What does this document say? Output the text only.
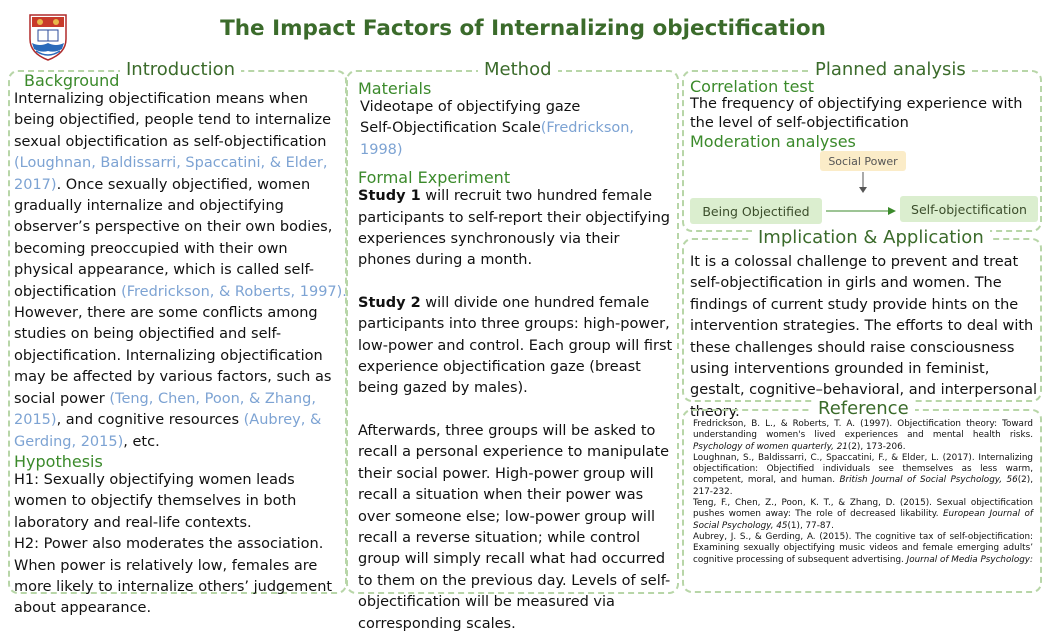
The Impact Factors of Internalizing objectification
Introduction
Background
Internalizing objectification means when being objectified, people tend to internalize sexual objectification as self-objectification (Loughnan, Baldissarri, Spaccatini, & Elder, 2017). Once sexually objectified, women gradually internalize and objectifying observer’s perspective on their own bodies, becoming preoccupied with their own physical appearance, which is called self-objectification (Fredrickson, & Roberts, 1997). However, there are some conflicts among studies on being objectified and self-objectification. Internalizing objectification may be affected by various factors, such as social power (Teng, Chen, Poon, & Zhang, 2015), and cognitive resources (Aubrey, & Gerding, 2015), etc.
Hypothesis
H1: Sexually objectifying women leads women to objectify themselves in both laboratory and real-life contexts.
H2: Power also moderates the association. When power is relatively low, females are more likely to internalize others’ judgement about appearance.
Method
Materials
Videotape of objectifying gaze
Self-Objectification Scale(Fredrickson, 1998)
Formal Experiment
Study 1 will recruit two hundred female participants to self-report their objectifying experiences synchronously via their phones during a month.
Study 2 will divide one hundred female participants into three groups: high-power, low-power and control. Each group will first experience objectification gaze (breast being gazed by males).
Afterwards, three groups will be asked to recall a personal experience to manipulate their social power. High-power group will recall a situation when their power was over someone else; low-power group will recall a reverse situation; while control group will simply recall what had occurred to them on the previous day. Levels of self-objectification will be measured via corresponding scales.
Planned analysis
Correlation test
The frequency of objectifying experience with the level of self-objectification
Moderation analyses
Social Power
Being Objectified	Self-objectification
Implication & Application
It is a colossal challenge to prevent and treat self-objectification in girls and women. The findings of current study provide hints on the intervention strategies. The efforts to deal with these challenges should raise consciousness using interventions grounded in feminist, gestalt, cognitive–behavioral, and interpersonal theory.	Reference

Fredrickson, B. L., & Roberts, T. A. (1997). Objectification theory: Toward understanding women's lived experiences and mental health risks. Psychology of women quarterly, 21(2), 173-206.

Loughnan, S., Baldissarri, C., Spaccatini, F., & Elder, L. (2017). Internalizing objectification: Objectified individuals see themselves as less warm, competent, moral, and human. British Journal of Social Psychology, 56(2), 217-232.

Teng, F., Chen, Z., Poon, K. T., & Zhang, D. (2015). Sexual objectification pushes women away: The role of decreased likability. European Journal of Social Psychology, 45(1), 77-87.

Aubrey, J. S., & Gerding, A. (2015). The cognitive tax of self-objectification: Examining sexually objectifying music videos and female emerging adults’ cognitive processing of subsequent advertising. Journal of Media Psychology:
